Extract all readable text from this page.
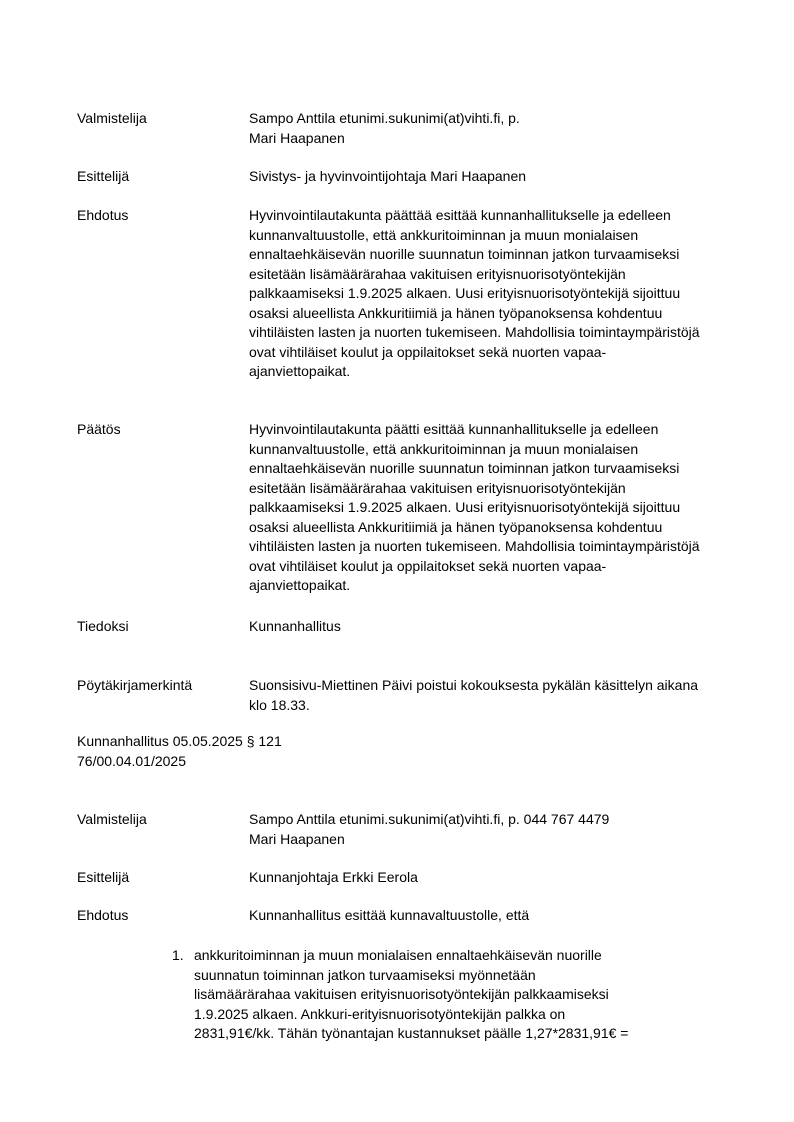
Valmistelija	Sampo Anttila etunimi.sukunimi(at)vihti.fi, p.
Mari Haapanen
Esittelijä	Sivistys- ja hyvinvointijohtaja Mari Haapanen
Ehdotus	Hyvinvointilautakunta päättää esittää kunnanhallitukselle ja edelleen
kunnanvaltuustolle, että ankkuritoiminnan ja muun monialaisen
ennaltaehkäisevän nuorille suunnatun toiminnan jatkon turvaamiseksi
esitetään lisämäärärahaa vakituisen erityisnuorisotyöntekijän
palkkaamiseksi 1.9.2025 alkaen. Uusi erityisnuorisotyöntekijä sijoittuu
osaksi alueellista Ankkuritiimiä ja hänen työpanoksensa kohdentuu
vihtiläisten lasten ja nuorten tukemiseen. Mahdollisia toimintaympäristöjä
ovat vihtiläiset koulut ja oppilaitokset sekä nuorten vapaa-
ajanviettopaikat.
Päätös	Hyvinvointilautakunta päätti esittää kunnanhallitukselle ja edelleen
kunnanvaltuustolle, että ankkuritoiminnan ja muun monialaisen
ennaltaehkäisevän nuorille suunnatun toiminnan jatkon turvaamiseksi
esitetään lisämäärärahaa vakituisen erityisnuorisotyöntekijän
palkkaamiseksi 1.9.2025 alkaen. Uusi erityisnuorisotyöntekijä sijoittuu
osaksi alueellista Ankkuritiimiä ja hänen työpanoksensa kohdentuu
vihtiläisten lasten ja nuorten tukemiseen. Mahdollisia toimintaympäristöjä
ovat vihtiläiset koulut ja oppilaitokset sekä nuorten vapaa-
ajanviettopaikat.
Tiedoksi	Kunnanhallitus
Pöytäkirjamerkintä	Suonsisivu-Miettinen Päivi poistui kokouksesta pykälän käsittelyn aikana
klo 18.33.
Kunnanhallitus 05.05.2025 § 121
76/00.04.01/2025
Valmistelija	Sampo Anttila etunimi.sukunimi(at)vihti.fi, p. 044 767 4479
Mari Haapanen
Esittelijä	Kunnanjohtaja Erkki Eerola
Ehdotus	Kunnanhallitus esittää kunnavaltuustolle, että
1. ankkuritoiminnan ja muun monialaisen ennaltaehkäisevän nuorille
suunnatun toiminnan jatkon turvaamiseksi myönnetään
lisämäärärahaa vakituisen erityisnuorisotyöntekijän palkkaamiseksi
1.9.2025 alkaen. Ankkuri-erityisnuorisotyöntekijän palkka on
2831,91€/kk. Tähän työnantajan kustannukset päälle 1,27*2831,91€ =
